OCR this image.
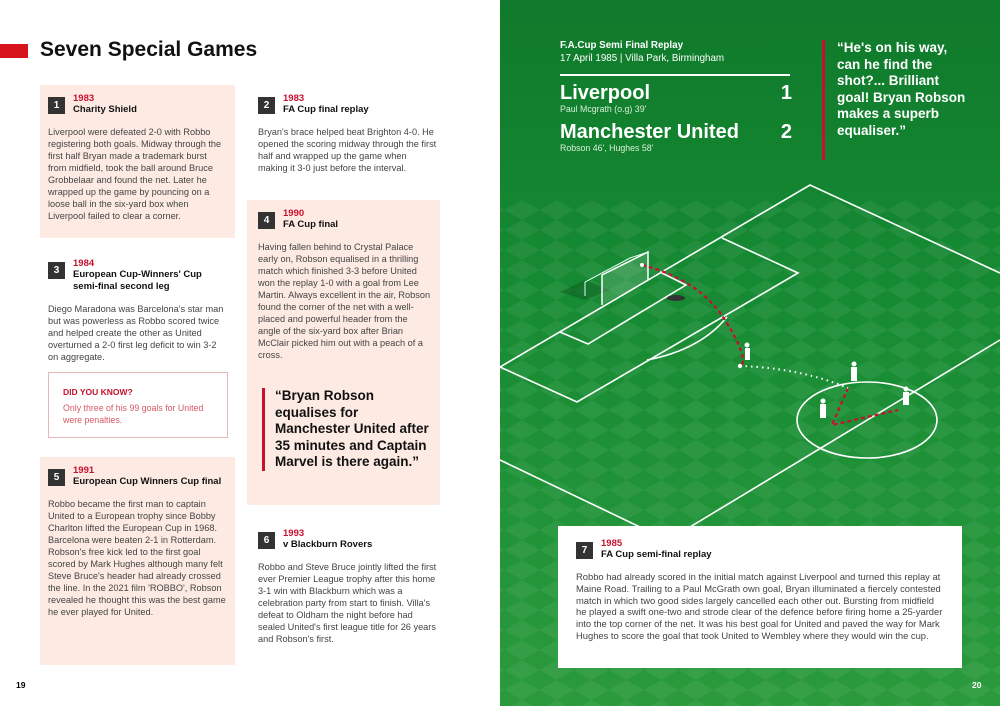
Seven Special Games
1
1983
Charity Shield
Liverpool were defeated 2-0 with Robbo registering both goals. Midway through the first half Bryan made a trademark burst from midfield, took the ball around Bruce Grobbelaar and found the net. Later he wrapped up the game by pouncing on a loose ball in the six-yard box when Liverpool failed to clear a corner.
3
1984
European Cup-Winners' Cup semi-final second leg
Diego Maradona was Barcelona's star man but was powerless as Robbo scored twice and helped create the other as United overturned a 2-0 first leg deficit to win 3-2 on aggregate.
DID YOU KNOW?
Only three of his 99 goals for United were penalties.
5
1991
European Cup Winners Cup final
Robbo became the first man to captain United to a European trophy since Bobby Charlton lifted the European Cup in 1968. Barcelona were beaten 2-1 in Rotterdam. Robson's free kick led to the first goal scored by Mark Hughes although many felt Steve Bruce's header had already crossed the line. In the 2021 film 'ROBBO', Robson revealed he thought this was the best game he ever played for United.
2
1983
FA Cup final replay
Bryan's brace helped beat Brighton 4-0. He opened the scoring midway through the first half and wrapped up the game when making it 3-0 just before the interval.
4
1990
FA Cup final
Having fallen behind to Crystal Palace early on, Robson equalised in a thrilling match which finished 3-3 before United won the replay 1-0 with a goal from Lee Martin. Always excellent in the air, Robson found the corner of the net with a well-placed and powerful header from the angle of the six-yard box after Brian McClair picked him out with a peach of a cross.
“Bryan Robson equalises for Manchester United after 35 minutes and Captain Marvel is there again.”
6
1993
v Blackburn Rovers
Robbo and Steve Bruce jointly lifted the first ever Premier League trophy after this home 3-1 win with Blackburn which was a celebration party from start to finish. Villa's defeat to Oldham the night before had sealed United's first league title for 26 years and Robson's first.
19
F.A.Cup Semi Final Replay
17 April 1985 | Villa Park, Birmingham
Liverpool	1
Paul Mcgrath (o.g) 39'
Manchester United 2
Robson 46', Hughes 58'
“He's on his way, can he find the shot?... Brilliant goal! Bryan Robson makes a superb equaliser.”
7
1985
FA Cup semi-final replay
Robbo had already scored in the initial match against Liverpool and turned this replay at Maine Road. Trailing to a Paul McGrath own goal, Bryan illuminated a fiercely contested match in which two good sides largely cancelled each other out. Bursting from midfield he played a swift one-two and strode clear of the defence before firing home a 25-yarder into the top corner of the net. It was his best goal for United and paved the way for Mark Hughes to score the goal that took United to Wembley where they would win the cup.
20
